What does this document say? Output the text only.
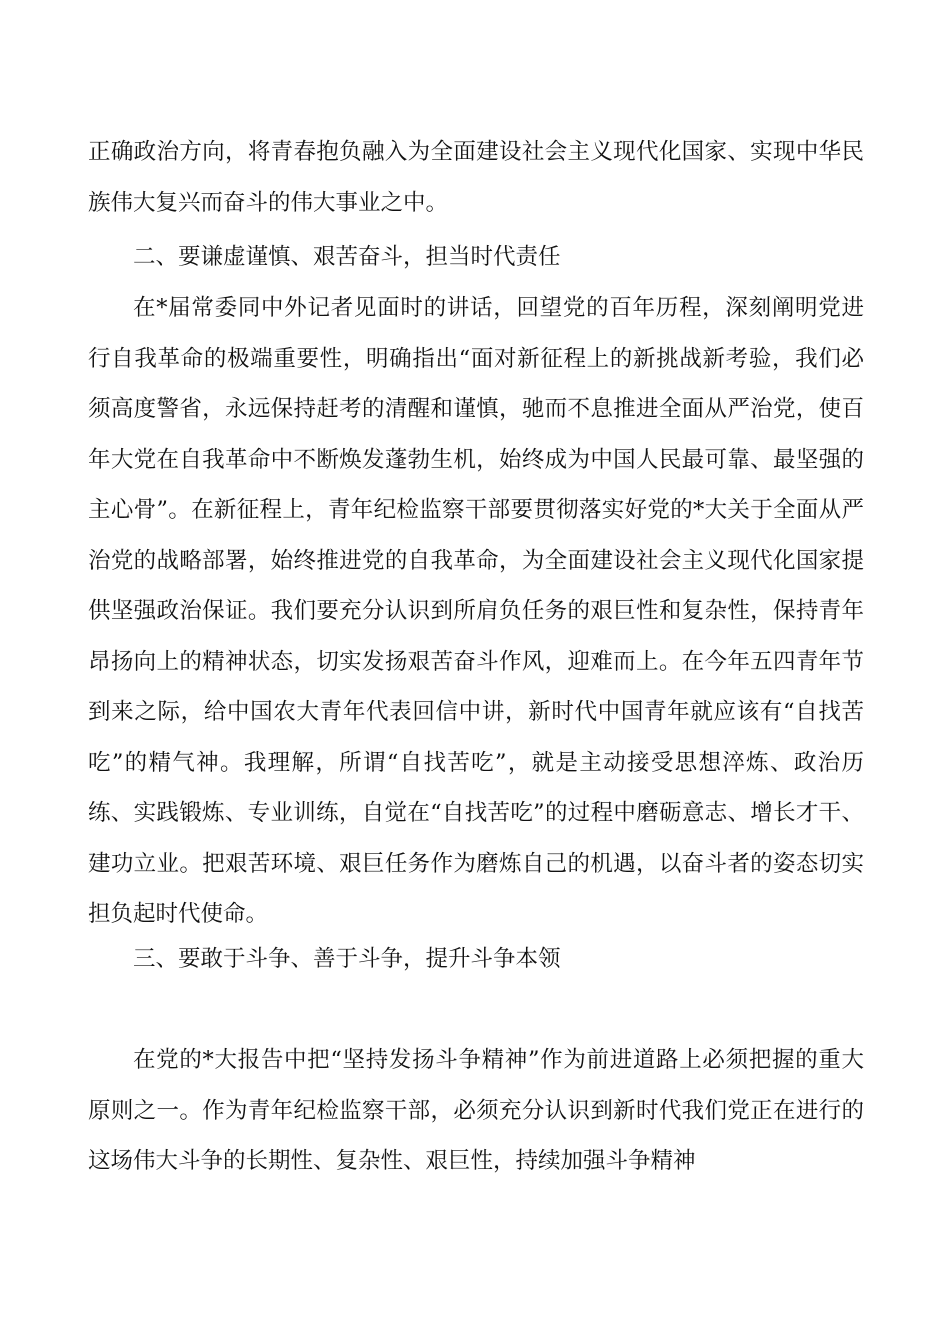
正确政治方向，将青春抱负融入为全面建设社会主义现代化国家、实现中华民族伟大复兴而奋斗的伟大事业之中。

二、要谦虚谨慎、艰苦奋斗，担当时代责任

在*届常委同中外记者见面时的讲话，回望党的百年历程，深刻阐明党进行自我革命的极端重要性，明确指出“面对新征程上的新挑战新考验，我们必须高度警省，永远保持赶考的清醒和谨慎，驰而不息推进全面从严治党，使百年大党在自我革命中不断焕发蓬勃生机，始终成为中国人民最可靠、最坚强的主心骨”。在新征程上，青年纪检监察干部要贯彻落实好党的*大关于全面从严治党的战略部署，始终推进党的自我革命，为全面建设社会主义现代化国家提供坚强政治保证。我们要充分认识到所肩负任务的艰巨性和复杂性，保持青年昂扬向上的精神状态，切实发扬艰苦奋斗作风，迎难而上。在今年五四青年节到来之际，给中国农大青年代表回信中讲，新时代中国青年就应该有“自找苦吃”的精气神。我理解，所谓“自找苦吃”，就是主动接受思想淬炼、政治历练、实践锻炼、专业训练，自觉在“自找苦吃”的过程中磨砺意志、增长才干、建功立业。把艰苦环境、艰巨任务作为磨炼自己的机遇，以奋斗者的姿态切实担负起时代使命。

三、要敢于斗争、善于斗争，提升斗争本领

在党的*大报告中把“坚持发扬斗争精神”作为前进道路上必须把握的重大原则之一。作为青年纪检监察干部，必须充分认识到新时代我们党正在进行的这场伟大斗争的长期性、复杂性、艰巨性，持续加强斗争精神
